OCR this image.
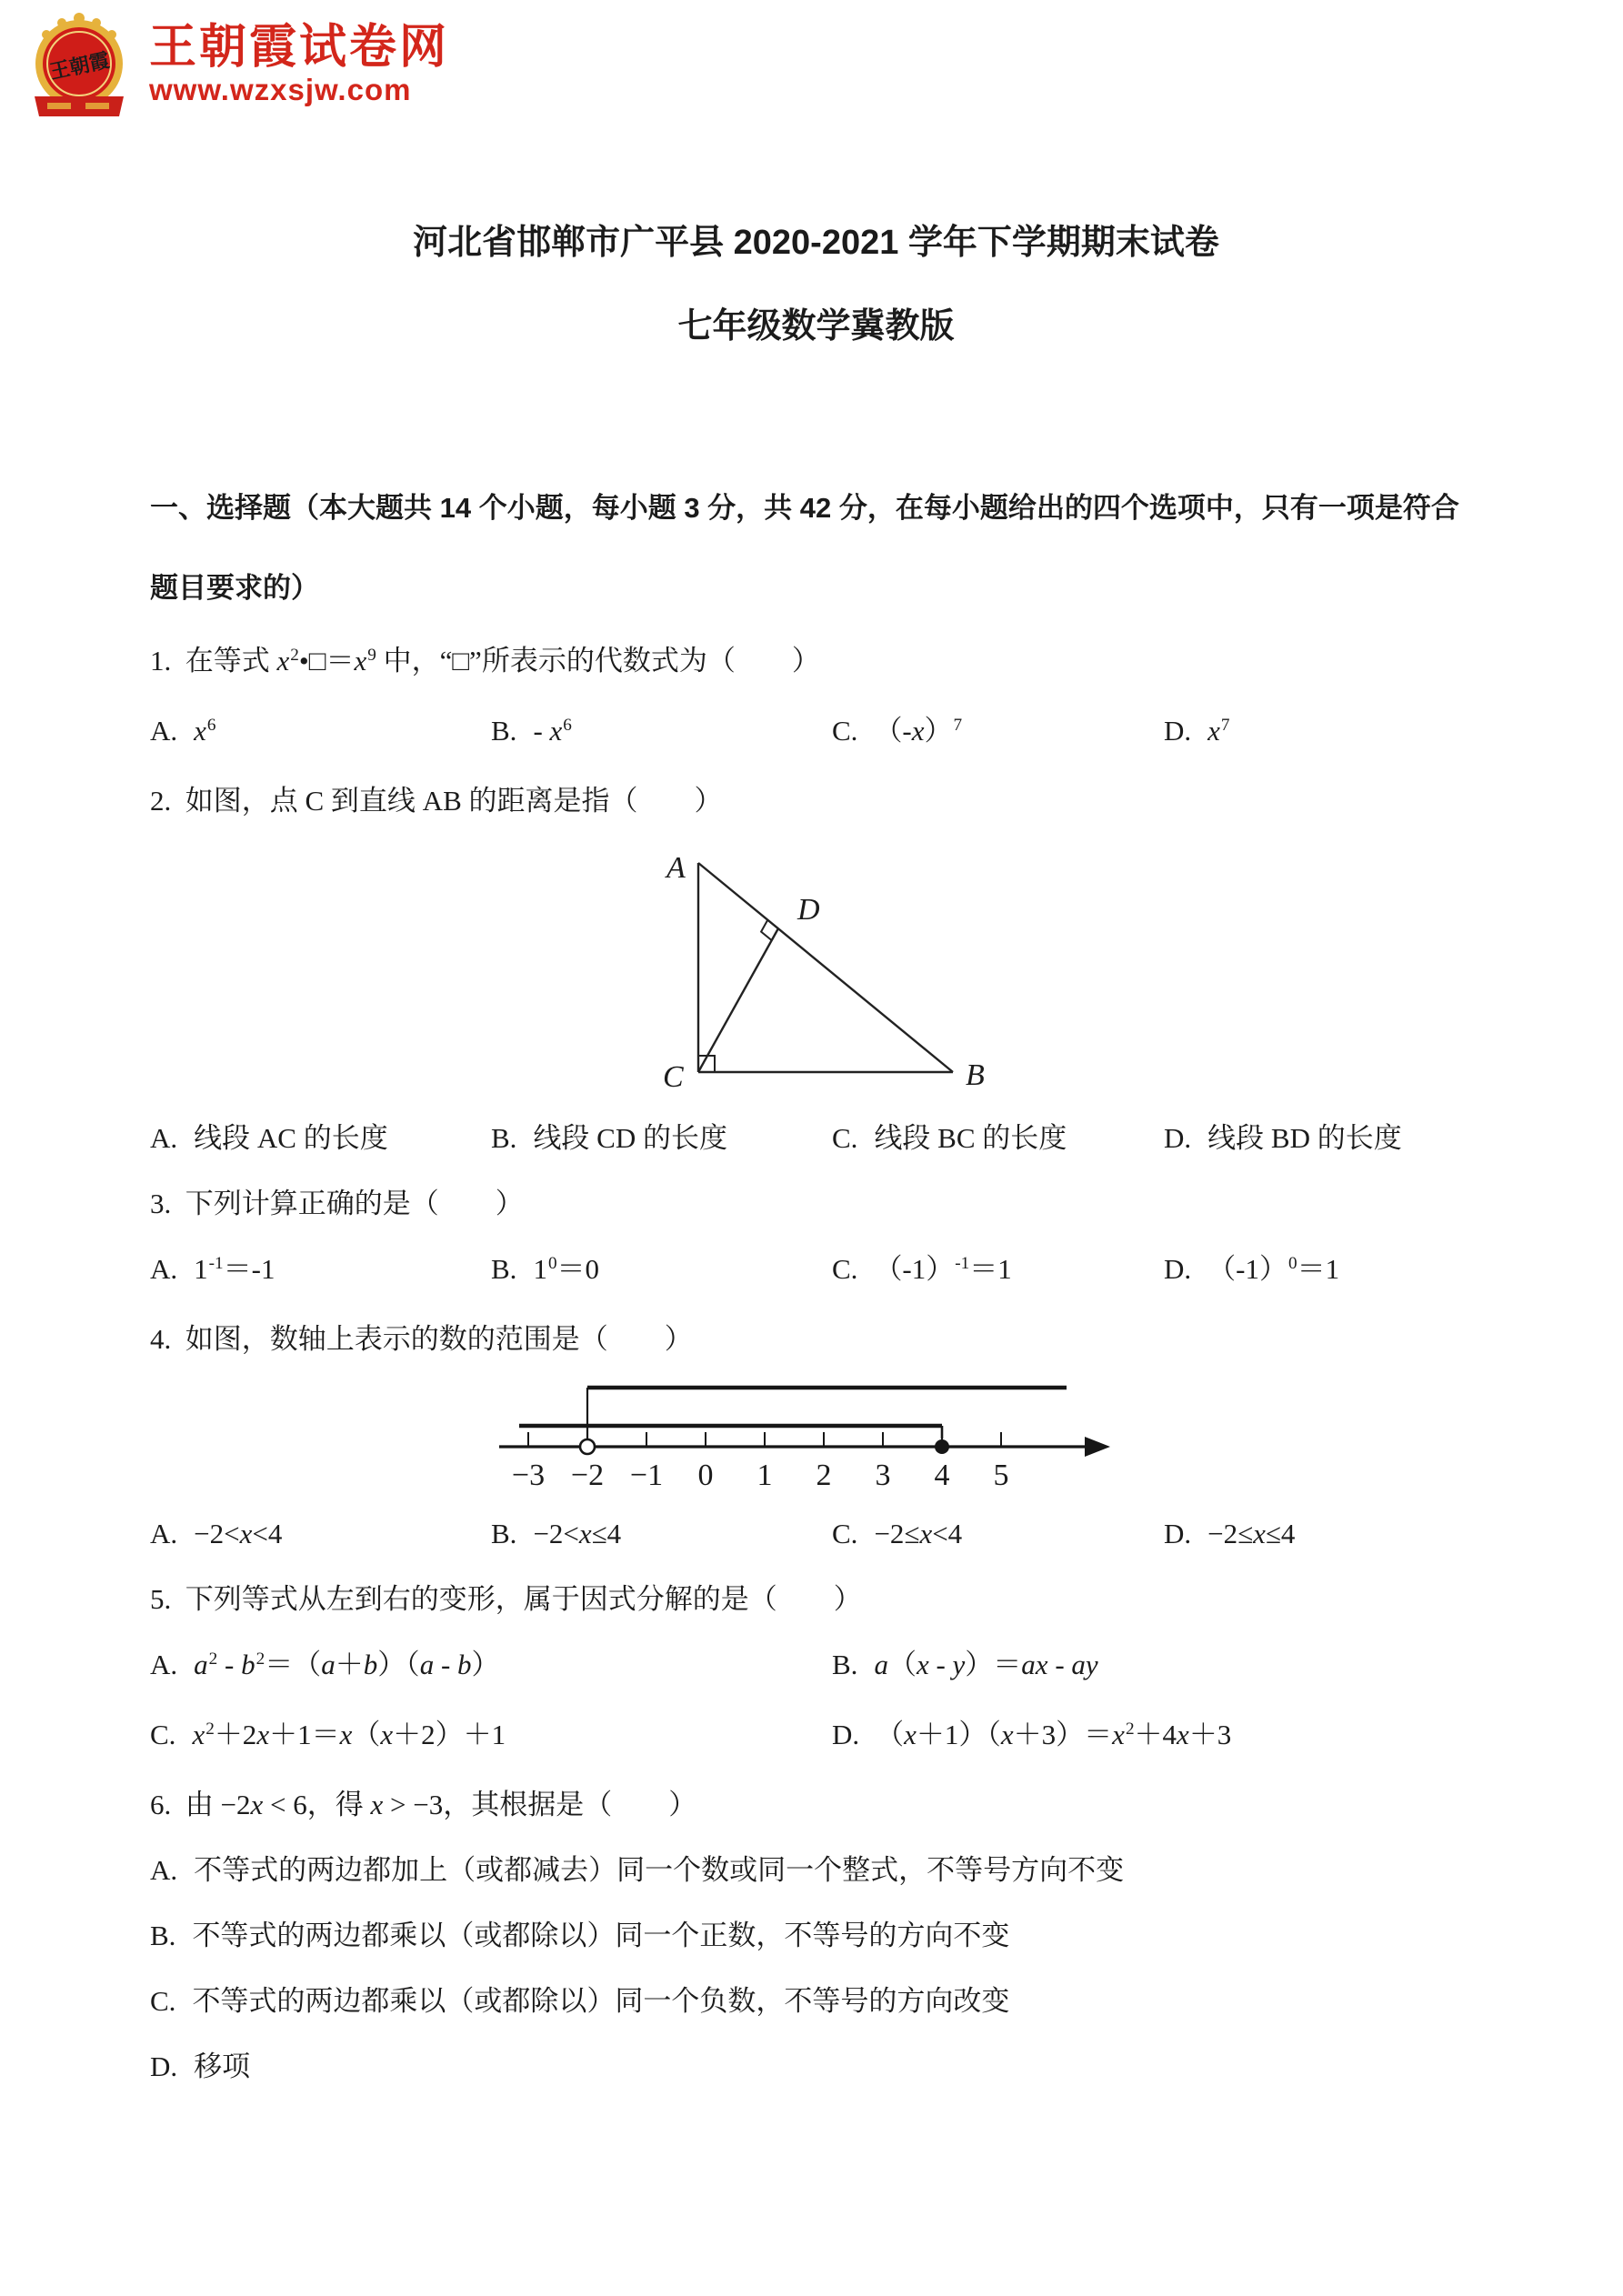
王朝霞 王朝霞试卷网
www.wzxsjw.com
河北省邯郸市广平县 2020-2021 学年下学期期末试卷
七年级数学冀教版

一、选择题（本大题共 14 个小题，每小题 3 分，共 42 分，在每小题给出的四个选项中，只有一项是符合题目要求的）

1.  在等式 $x^2•□=x^9$ 中，“□”所表示的代数式为（　　）
A. $x^6$	B. - $x^6$	C. $(-x)^7$	D. $x^7$
2.  如图，点 C 到直线 AB 的距离是指（　　）
A
B
C
D
A. 线段 AC 的长度	B. 线段 CD 的长度	C. 线段 BC 的长度	D. 线段 BD 的长度
3.  下列计算正确的是（　　）
A. $1^{-1}=-1$	B. $1^0=0$	C. $(-1)^{-1}=1$	D. $(-1)^0=1$
4.  如图，数轴上表示的数的范围是（　　）
−3 −2 −1 0 1 2 3 4 5
A. −2<x<4	B. −2<x≤4	C. −2≤x<4	D. −2≤x≤4
5.  下列等式从左到右的变形，属于因式分解的是（　　）
A. $a^2 - b^2=(a+b)(a - b)$	B. a（x - y）＝ax - ay
C. $x^2+2x+1=x(x+2)+1$	D. $(x+1)(x+3)=x^2+4x+3$
6.  由 −2x < 6，得 x > −3，其根据是（　　）
A. 不等式的两边都加上（或都减去）同一个数或同一个整式，不等号方向不变
B. 不等式的两边都乘以（或都除以）同一个正数，不等号的方向不变
C. 不等式的两边都乘以（或都除以）同一个负数，不等号的方向改变
D. 移项
